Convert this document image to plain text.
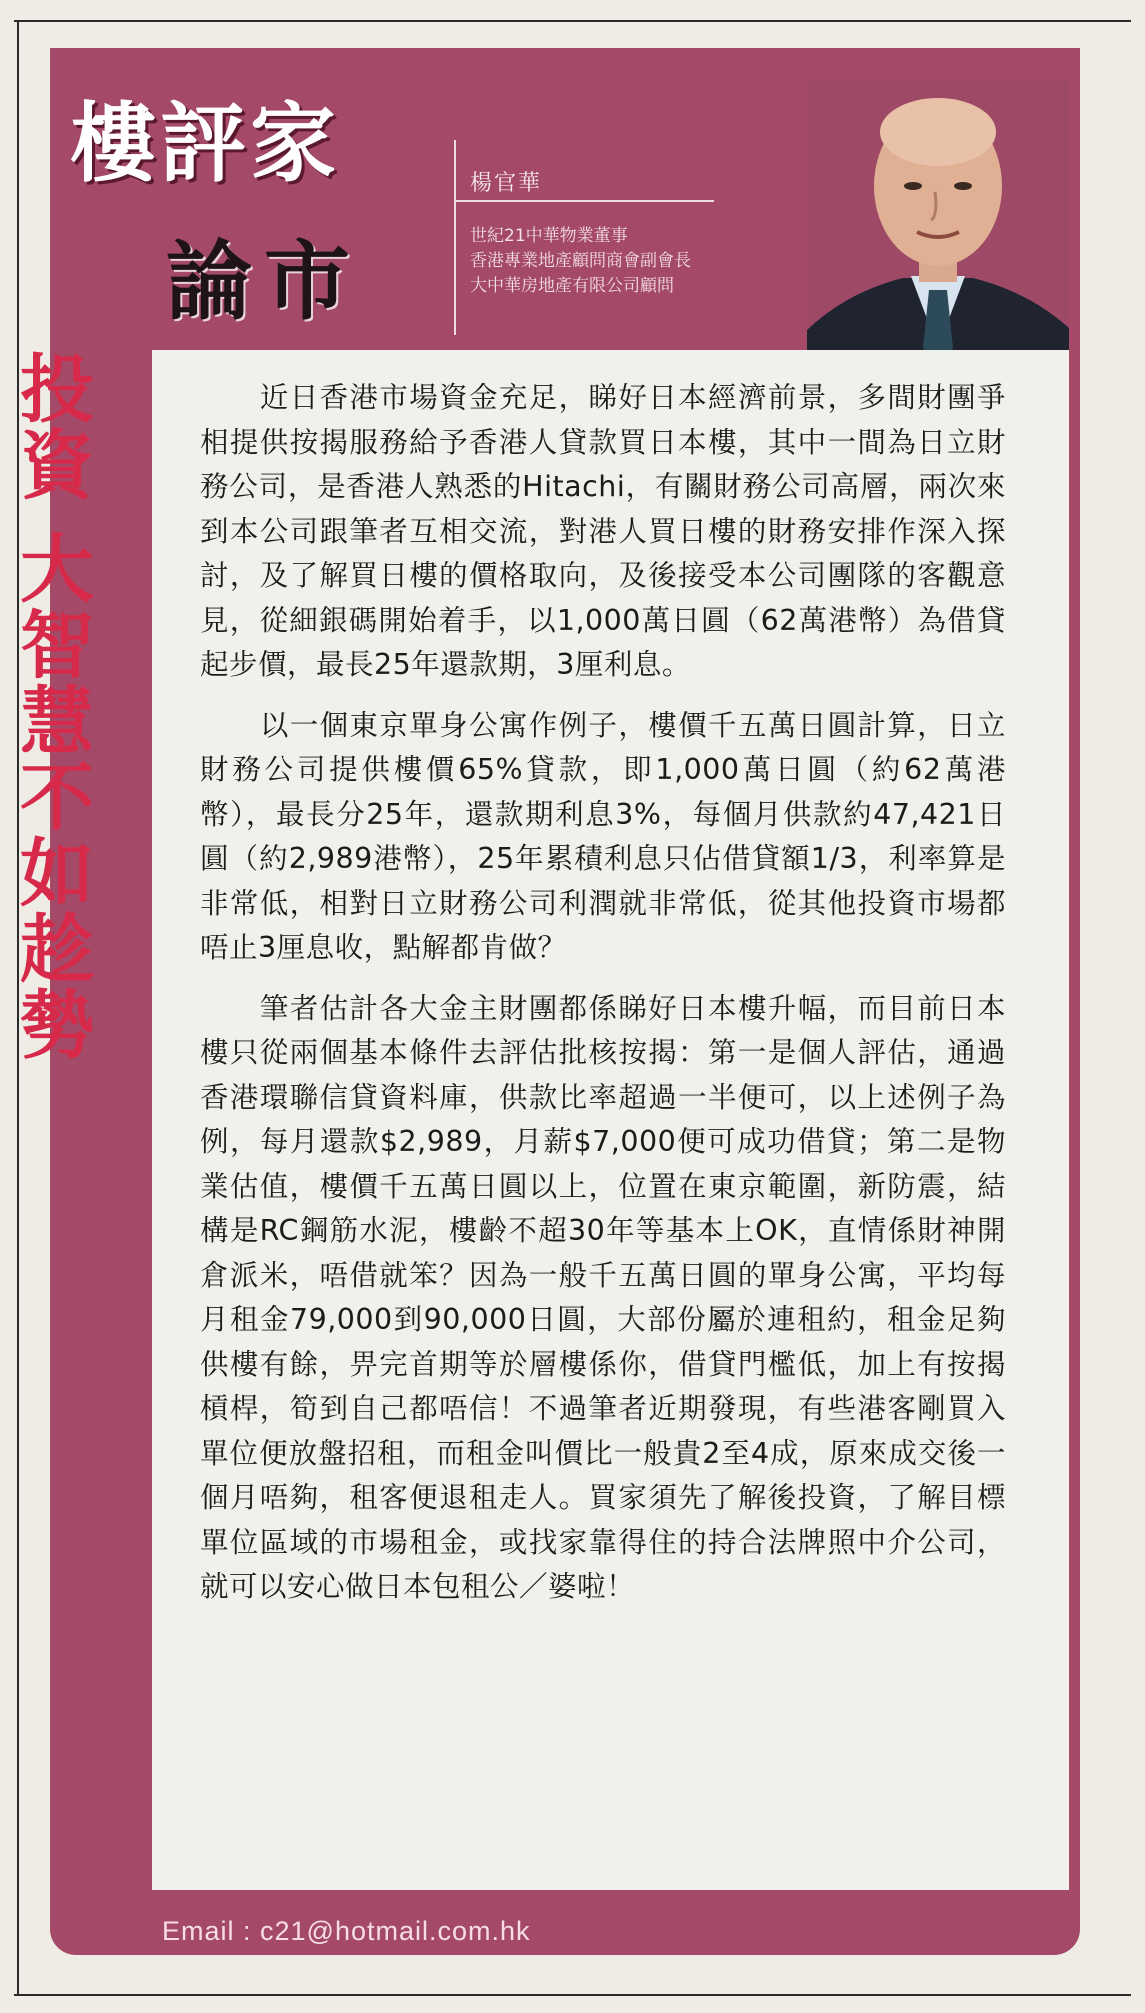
樓評家
論市
楊官華
世紀21中華物業董事
香港專業地產顧問商會副會長
大中華房地產有限公司顧問
Email : c21@hotmail.com.hk
投資 大智慧不如趁勢	近日香港市場資金充足，睇好日本經濟前景，多間財團爭相提供按揭服務給予香港人貸款買日本樓，其中一間為日立財務公司，是香港人熟悉的Hitachi，有關財務公司高層，兩次來到本公司跟筆者互相交流，對港人買日樓的財務安排作深入探討，及了解買日樓的價格取向，及後接受本公司團隊的客觀意見，從細銀碼開始着手，以1,000萬日圓（62萬港幣）為借貸起步價，最長25年還款期，3厘利息。

以一個東京單身公寓作例子，樓價千五萬日圓計算，日立財務公司提供樓價65%貸款，即1,000萬日圓（約62萬港幣），最長分25年，還款期利息3%，每個月供款約47,421日圓（約2,989港幣），25年累積利息只佔借貸額1/3，利率算是非常低，相對日立財務公司利潤就非常低，從其他投資市場都唔止3厘息收，點解都肯做？

筆者估計各大金主財團都係睇好日本樓升幅，而目前日本樓只從兩個基本條件去評估批核按揭：第一是個人評估，通過香港環聯信貸資料庫，供款比率超過一半便可，以上述例子為例，每月還款$2,989，月薪$7,000便可成功借貸；第二是物業估值，樓價千五萬日圓以上，位置在東京範圍，新防震，結構是RC鋼筋水泥，樓齡不超30年等基本上OK，直情係財神開倉派米，唔借就笨？因為一般千五萬日圓的單身公寓，平均每月租金79,000到90,000日圓，大部份屬於連租約，租金足夠供樓有餘，畀完首期等於層樓係你，借貸門檻低，加上有按揭槓桿，筍到自己都唔信！不過筆者近期發現，有些港客剛買入單位便放盤招租，而租金叫價比一般貴2至4成，原來成交後一個月唔夠，租客便退租走人。買家須先了解後投資，了解目標單位區域的市場租金，或找家靠得住的持合法牌照中介公司，就可以安心做日本包租公／婆啦！
